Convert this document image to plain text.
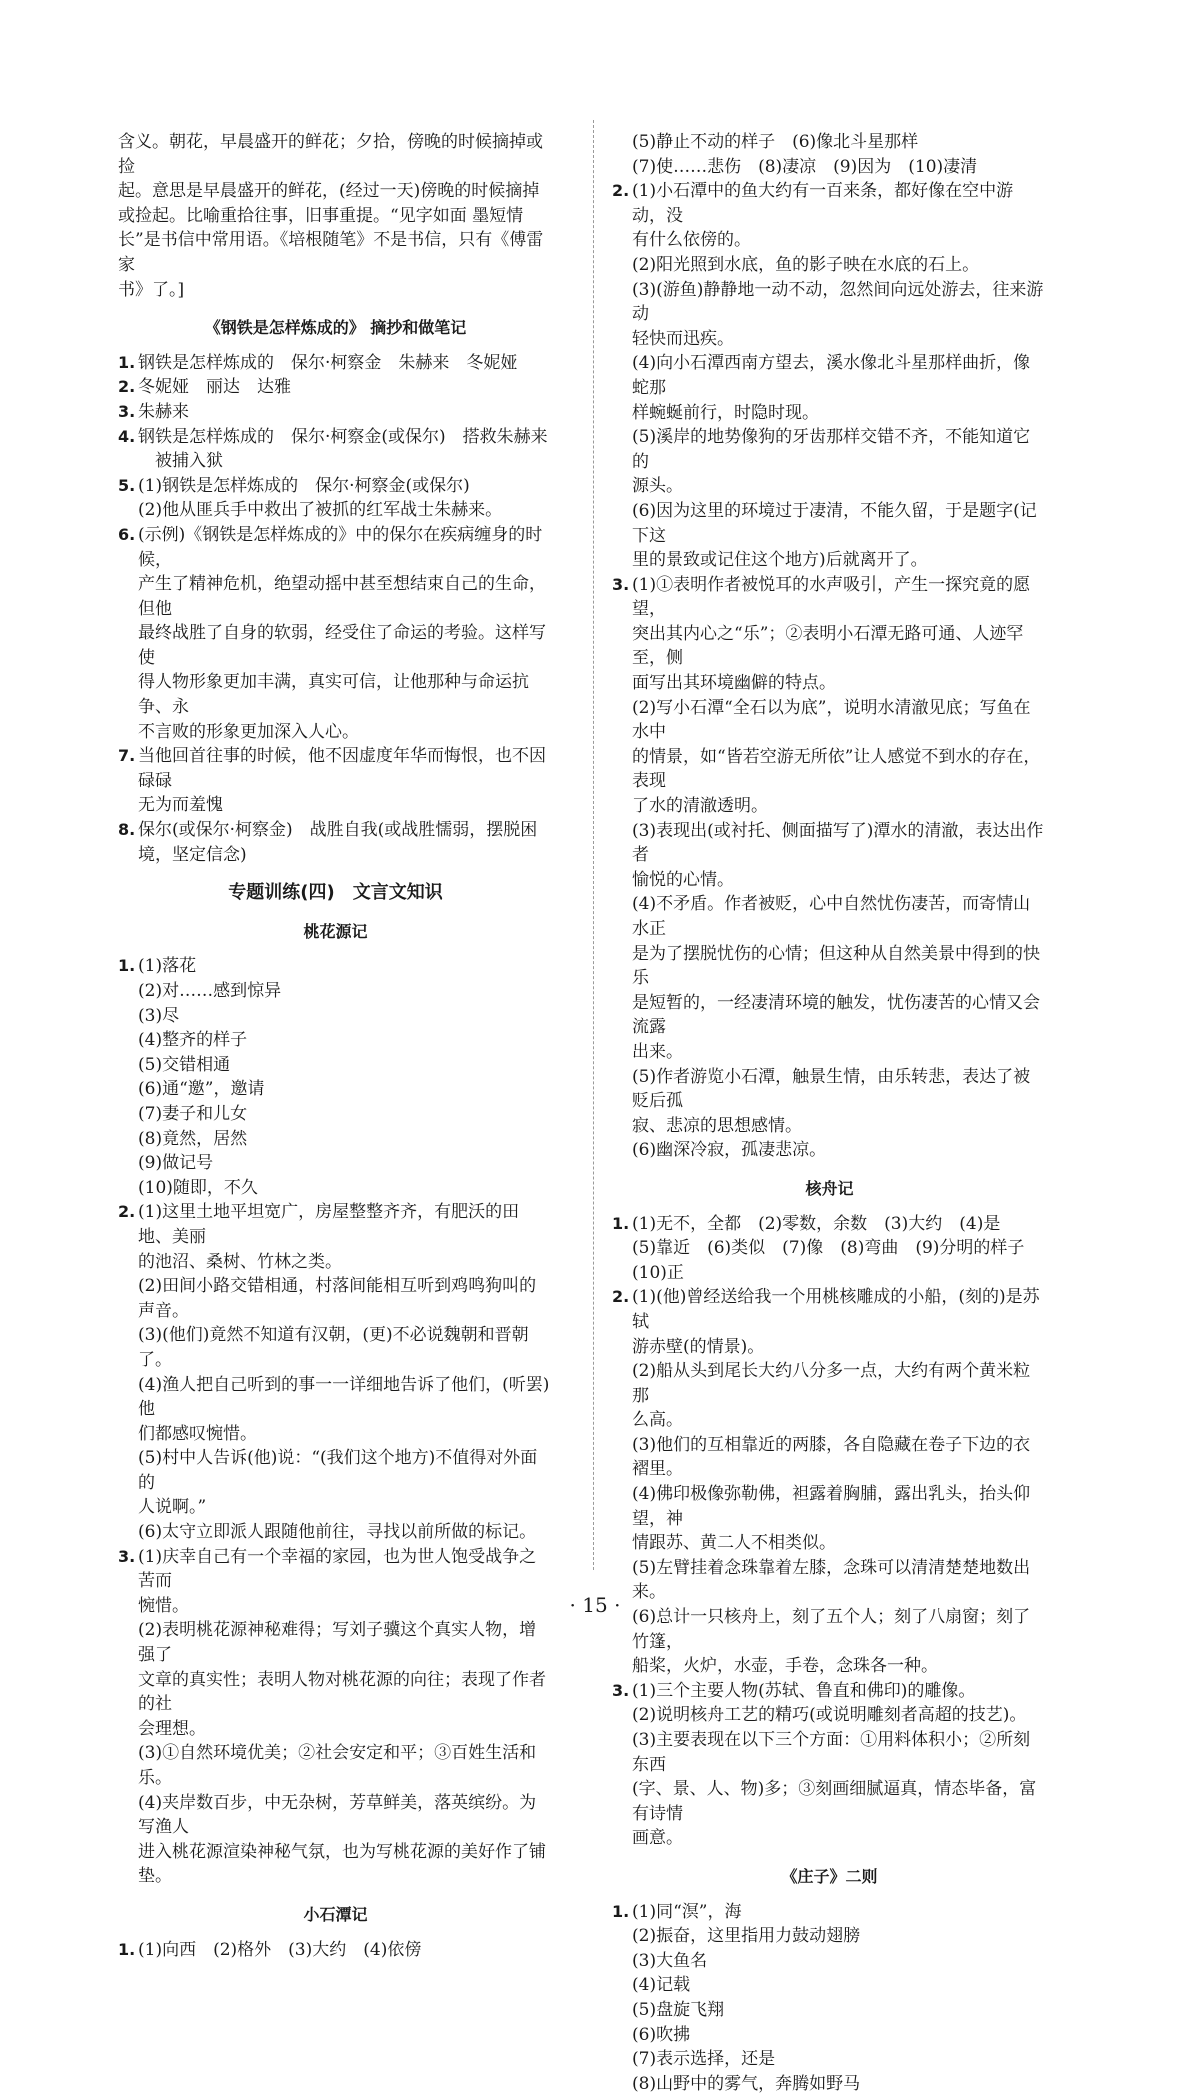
含义。朝花，早晨盛开的鲜花；夕拾，傍晚的时候摘掉或捡
起。意思是早晨盛开的鲜花，(经过一天)傍晚的时候摘掉
或捡起。比喻重拾往事，旧事重提。“见字如面 墨短情
长”是书信中常用语。《培根随笔》不是书信，只有《傅雷家
书》了。]
《钢铁是怎样炼成的》 摘抄和做笔记
1. 钢铁是怎样炼成的　保尔·柯察金　朱赫来　冬妮娅
2. 冬妮娅　丽达　达雅
3. 朱赫来
4. 钢铁是怎样炼成的　保尔·柯察金(或保尔)　搭救朱赫来
　被捕入狱
5. (1)钢铁是怎样炼成的　保尔·柯察金(或保尔)
(2)他从匪兵手中救出了被抓的红军战士朱赫来。
6. (示例)《钢铁是怎样炼成的》中的保尔在疾病缠身的时候，
产生了精神危机，绝望动摇中甚至想结束自己的生命，但他
最终战胜了自身的软弱，经受住了命运的考验。这样写使
得人物形象更加丰满，真实可信，让他那种与命运抗争、永
不言败的形象更加深入人心。
7. 当他回首往事的时候，他不因虚度年华而悔恨，也不因碌碌
无为而羞愧
8. 保尔(或保尔·柯察金)　战胜自我(或战胜懦弱，摆脱困
境，坚定信念)
专题训练(四)　文言文知识
桃花源记
1. (1)落花
(2)对……感到惊异
(3)尽
(4)整齐的样子
(5)交错相通
(6)通“邀”，邀请
(7)妻子和儿女
(8)竟然，居然
(9)做记号
(10)随即，不久
2. (1)这里土地平坦宽广，房屋整整齐齐，有肥沃的田地、美丽
的池沼、桑树、竹林之类。
(2)田间小路交错相通，村落间能相互听到鸡鸣狗叫的
声音。
(3)(他们)竟然不知道有汉朝，(更)不必说魏朝和晋朝了。
(4)渔人把自己听到的事一一详细地告诉了他们，(听罢)他
们都感叹惋惜。
(5)村中人告诉(他)说：“(我们这个地方)不值得对外面的
人说啊。”
(6)太守立即派人跟随他前往，寻找以前所做的标记。
3. (1)庆幸自己有一个幸福的家园，也为世人饱受战争之苦而
惋惜。
(2)表明桃花源神秘难得；写刘子骥这个真实人物，增强了
文章的真实性；表明人物对桃花源的向往；表现了作者的社
会理想。
(3)①自然环境优美；②社会安定和平；③百姓生活和乐。
(4)夹岸数百步，中无杂树，芳草鲜美，落英缤纷。为写渔人
进入桃花源渲染神秘气氛，也为写桃花源的美好作了铺垫。
小石潭记
1. (1)向西　(2)格外　(3)大约　(4)依傍
(5)静止不动的样子　(6)像北斗星那样
(7)使……悲伤　(8)凄凉　(9)因为　(10)凄清
2. (1)小石潭中的鱼大约有一百来条，都好像在空中游动，没
有什么依傍的。
(2)阳光照到水底，鱼的影子映在水底的石上。
(3)(游鱼)静静地一动不动，忽然间向远处游去，往来游动
轻快而迅疾。
(4)向小石潭西南方望去，溪水像北斗星那样曲折，像蛇那
样蜿蜒前行，时隐时现。
(5)溪岸的地势像狗的牙齿那样交错不齐，不能知道它的
源头。
(6)因为这里的环境过于凄清，不能久留，于是题字(记下这
里的景致或记住这个地方)后就离开了。
3. (1)①表明作者被悦耳的水声吸引，产生一探究竟的愿望，
突出其内心之“乐”；②表明小石潭无路可通、人迹罕至，侧
面写出其环境幽僻的特点。
(2)写小石潭“全石以为底”，说明水清澈见底；写鱼在水中
的情景，如“皆若空游无所依”让人感觉不到水的存在，表现
了水的清澈透明。
(3)表现出(或衬托、侧面描写了)潭水的清澈，表达出作者
愉悦的心情。
(4)不矛盾。作者被贬，心中自然忧伤凄苦，而寄情山水正
是为了摆脱忧伤的心情；但这种从自然美景中得到的快乐
是短暂的，一经凄清环境的触发，忧伤凄苦的心情又会流露
出来。
(5)作者游览小石潭，触景生情，由乐转悲，表达了被贬后孤
寂、悲凉的思想感情。
(6)幽深冷寂，孤凄悲凉。
核舟记
1. (1)无不，全都　(2)零数，余数　(3)大约　(4)是
(5)靠近　(6)类似　(7)像　(8)弯曲　(9)分明的样子
(10)正
2. (1)(他)曾经送给我一个用桃核雕成的小船，(刻的)是苏轼
游赤壁(的情景)。
(2)船从头到尾长大约八分多一点，大约有两个黄米粒那
么高。
(3)他们的互相靠近的两膝，各自隐藏在卷子下边的衣
褶里。
(4)佛印极像弥勒佛，袒露着胸脯，露出乳头，抬头仰望，神
情跟苏、黄二人不相类似。
(5)左臂挂着念珠靠着左膝，念珠可以清清楚楚地数出来。
(6)总计一只核舟上，刻了五个人；刻了八扇窗；刻了竹篷，
船桨，火炉，水壶，手卷，念珠各一种。
3. (1)三个主要人物(苏轼、鲁直和佛印)的雕像。
(2)说明核舟工艺的精巧(或说明雕刻者高超的技艺)。
(3)主要表现在以下三个方面：①用料体积小；②所刻东西
(字、景、人、物)多；③刻画细腻逼真，情态毕备，富有诗情
画意。
《庄子》二则
1. (1)同“溟”，海
(2)振奋，这里指用力鼓动翅膀
(3)大鱼名
(4)记载
(5)盘旋飞翔
(6)吹拂
(7)表示选择，还是
(8)山野中的雾气，奔腾如野马
· 15 ·
